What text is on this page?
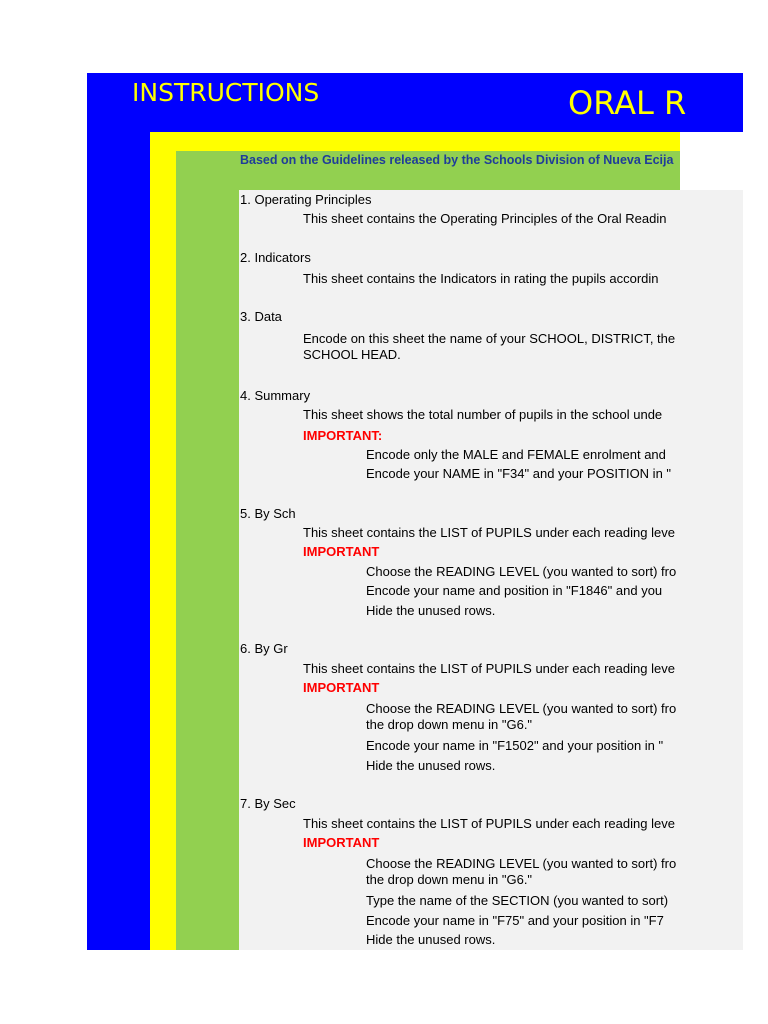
INSTRUCTIONS	ORAL R
Based on the Guidelines released by the Schools Division of Nueva Ecija
1. Operating Principles
This sheet contains the Operating Principles of the Oral Readin
2. Indicators
This sheet contains the Indicators in rating the pupils accordin
3. Data
Encode on this sheet the name of your SCHOOL, DISTRICT, the
SCHOOL HEAD.
4. Summary
This sheet shows the total number of pupils in the school unde
IMPORTANT:
Encode only the MALE and FEMALE enrolment and
Encode your NAME in "F34" and your POSITION in "
5. By Sch
This sheet contains the LIST of PUPILS under each reading leve
IMPORTANT
Choose the READING LEVEL (you wanted to sort) fro
Encode your name and position in "F1846" and you
Hide the unused rows.
6. By Gr
This sheet contains the LIST of PUPILS under each reading leve
IMPORTANT
Choose the READING LEVEL (you wanted to sort) fro
the drop down menu in "G6."
Encode your name in "F1502" and your position in "
Hide the unused rows.
7. By Sec
This sheet contains the LIST of PUPILS under each reading leve
IMPORTANT
Choose the READING LEVEL (you wanted to sort) fro
the drop down menu in "G6."
Type the name of the SECTION (you wanted to sort)
Encode your name in "F75" and your position in "F7
Hide the unused rows.
